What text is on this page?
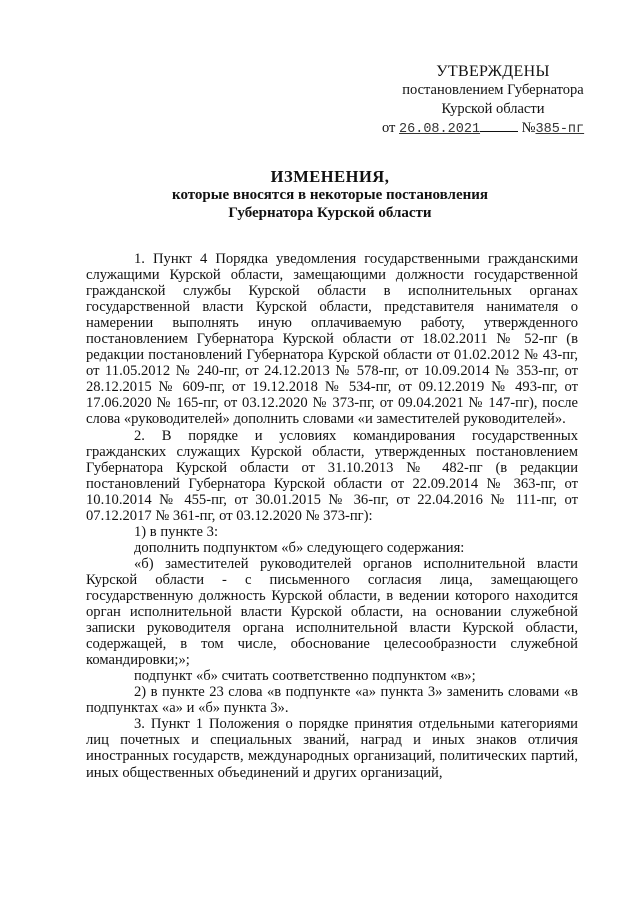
УТВЕРЖДЕНЫ
постановлением Губернатора
Курской области
от 26.08.2021	№385-пг
ИЗМЕНЕНИЯ,
которые вносятся в некоторые постановления
Губернатора Курской области

1. Пункт 4 Порядка уведомления государственными гражданскими служащими Курской области, замещающими должности государственной гражданской службы Курской области в исполнительных органах государственной власти Курской области, представителя нанимателя о намерении выполнять иную оплачиваемую работу, утвержденного постановлением Губернатора Курской области от 18.02.2011 № 52-пг (в редакции постановлений Губернатора Курской области от 01.02.2012 № 43-пг, от 11.05.2012 № 240-пг, от 24.12.2013 № 578-пг, от 10.09.2014 № 353-пг, от 28.12.2015 № 609-пг, от 19.12.2018 № 534-пг, от 09.12.2019 № 493-пг, от 17.06.2020 № 165-пг, от 03.12.2020 № 373-пг, от 09.04.2021 № 147-пг), после слова «руководителей» дополнить словами «и заместителей руководителей».

2. В порядке и условиях командирования государственных гражданских служащих Курской области, утвержденных постановлением Губернатора Курской области от 31.10.2013 № 482-пг (в редакции постановлений Губернатора Курской области от 22.09.2014 № 363-пг, от 10.10.2014 № 455-пг, от 30.01.2015 № 36-пг, от 22.04.2016 № 111-пг, от 07.12.2017 № 361-пг, от 03.12.2020 № 373-пг):

1) в пункте 3:

дополнить подпунктом «б» следующего содержания:

«б) заместителей руководителей органов исполнительной власти Курской области - с письменного согласия лица, замещающего государственную должность Курской области, в ведении которого находится орган исполнительной власти Курской области, на основании служебной записки руководителя органа исполнительной власти Курской области, содержащей, в том числе, обоснование целесообразности служебной командировки;»;

подпункт «б» считать соответственно подпунктом «в»;

2) в пункте 23 слова «в подпункте «а» пункта 3» заменить словами «в подпунктах «а» и «б» пункта 3».

3. Пункт 1 Положения о порядке принятия отдельными категориями лиц почетных и специальных званий, наград и иных знаков отличия иностранных государств, международных организаций, политических партий, иных общественных объединений и других организаций,
